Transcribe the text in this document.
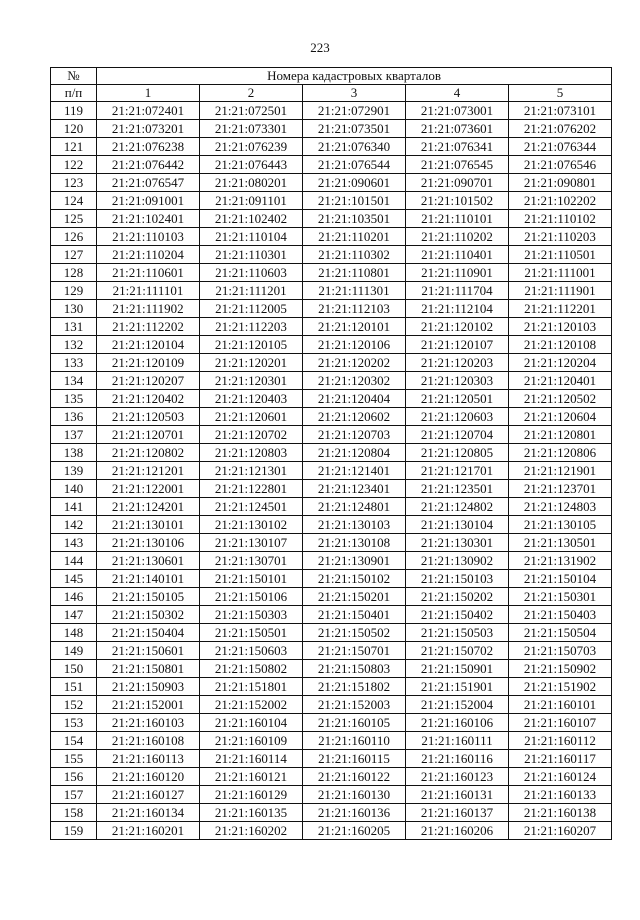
223
№	Номера кадастровых кварталов				
п/п	1	2	3	4	5
119	21:21:072401	21:21:072501	21:21:072901	21:21:073001	21:21:073101
120	21:21:073201	21:21:073301	21:21:073501	21:21:073601	21:21:076202
121	21:21:076238	21:21:076239	21:21:076340	21:21:076341	21:21:076344
122	21:21:076442	21:21:076443	21:21:076544	21:21:076545	21:21:076546
123	21:21:076547	21:21:080201	21:21:090601	21:21:090701	21:21:090801
124	21:21:091001	21:21:091101	21:21:101501	21:21:101502	21:21:102202
125	21:21:102401	21:21:102402	21:21:103501	21:21:110101	21:21:110102
126	21:21:110103	21:21:110104	21:21:110201	21:21:110202	21:21:110203
127	21:21:110204	21:21:110301	21:21:110302	21:21:110401	21:21:110501
128	21:21:110601	21:21:110603	21:21:110801	21:21:110901	21:21:111001
129	21:21:111101	21:21:111201	21:21:111301	21:21:111704	21:21:111901
130	21:21:111902	21:21:112005	21:21:112103	21:21:112104	21:21:112201
131	21:21:112202	21:21:112203	21:21:120101	21:21:120102	21:21:120103
132	21:21:120104	21:21:120105	21:21:120106	21:21:120107	21:21:120108
133	21:21:120109	21:21:120201	21:21:120202	21:21:120203	21:21:120204
134	21:21:120207	21:21:120301	21:21:120302	21:21:120303	21:21:120401
135	21:21:120402	21:21:120403	21:21:120404	21:21:120501	21:21:120502
136	21:21:120503	21:21:120601	21:21:120602	21:21:120603	21:21:120604
137	21:21:120701	21:21:120702	21:21:120703	21:21:120704	21:21:120801
138	21:21:120802	21:21:120803	21:21:120804	21:21:120805	21:21:120806
139	21:21:121201	21:21:121301	21:21:121401	21:21:121701	21:21:121901
140	21:21:122001	21:21:122801	21:21:123401	21:21:123501	21:21:123701
141	21:21:124201	21:21:124501	21:21:124801	21:21:124802	21:21:124803
142	21:21:130101	21:21:130102	21:21:130103	21:21:130104	21:21:130105
143	21:21:130106	21:21:130107	21:21:130108	21:21:130301	21:21:130501
144	21:21:130601	21:21:130701	21:21:130901	21:21:130902	21:21:131902
145	21:21:140101	21:21:150101	21:21:150102	21:21:150103	21:21:150104
146	21:21:150105	21:21:150106	21:21:150201	21:21:150202	21:21:150301
147	21:21:150302	21:21:150303	21:21:150401	21:21:150402	21:21:150403
148	21:21:150404	21:21:150501	21:21:150502	21:21:150503	21:21:150504
149	21:21:150601	21:21:150603	21:21:150701	21:21:150702	21:21:150703
150	21:21:150801	21:21:150802	21:21:150803	21:21:150901	21:21:150902
151	21:21:150903	21:21:151801	21:21:151802	21:21:151901	21:21:151902
152	21:21:152001	21:21:152002	21:21:152003	21:21:152004	21:21:160101
153	21:21:160103	21:21:160104	21:21:160105	21:21:160106	21:21:160107
154	21:21:160108	21:21:160109	21:21:160110	21:21:160111	21:21:160112
155	21:21:160113	21:21:160114	21:21:160115	21:21:160116	21:21:160117
156	21:21:160120	21:21:160121	21:21:160122	21:21:160123	21:21:160124
157	21:21:160127	21:21:160129	21:21:160130	21:21:160131	21:21:160133
158	21:21:160134	21:21:160135	21:21:160136	21:21:160137	21:21:160138
159	21:21:160201	21:21:160202	21:21:160205	21:21:160206	21:21:160207
